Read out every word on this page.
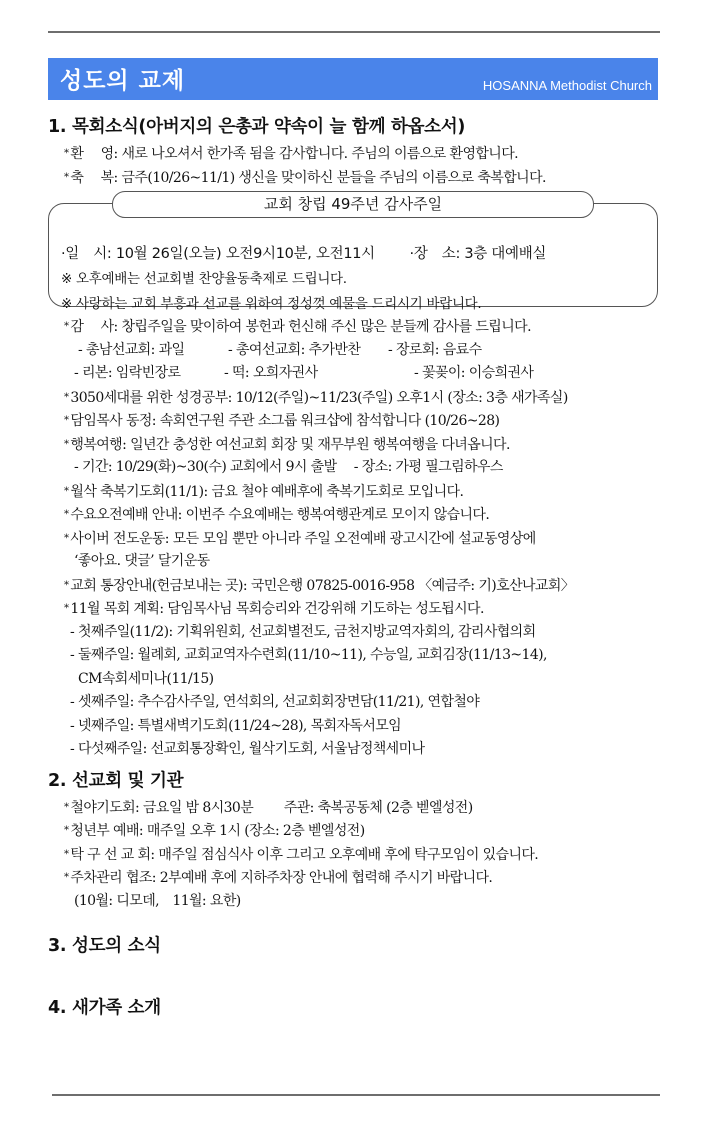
성도의 교제	HOSANNA Methodist Church
1. 목회소식(아버지의 은총과 약속이 늘 함께 하옵소서)
* 환　 영: 새로 나오셔서 한가족 됨을 감사합니다. 주님의 이름으로 환영합니다.
* 축　 복: 금주(10/26~11/1) 생신을 맞이하신 분들을 주님의 이름으로 축복합니다.
·일　시: 10월 26일(오늘) 오전9시10분, 오전11시 ·장　소: 3층 대예배실
※ 오후예배는 선교회별 찬양율동축제로 드립니다.
※ 사랑하는 교회 부흥과 선교를 위하여 정성껏 예물을 드리시기 바랍니다.
교회 창립 49주년 감사주일
* 감　 사: 창립주일을 맞이하여 봉헌과 헌신해 주신 많은 분들께 감사를 드립니다.
- 총남선교회: 과일	- 총여선교회: 추가반찬 - 장로회: 음료수
- 리본: 임락빈장로	- 떡: 오희자권사	- 꽃꽂이: 이승희권사
* 3050세대를 위한 성경공부: 10/12(주일)~11/23(주일) 오후1시 (장소: 3층 새가족실)
* 담임목사 동정: 속회연구원 주관 소그룹 워크샵에 참석합니다 (10/26~28)
* 행복여행: 일년간 충성한 여선교회 회장 및 재무부원 행복여행을 다녀옵니다.
- 기간: 10/29(화)~30(수) 교회에서 9시 출발　 - 장소: 가평 필그림하우스
* 월삭 축복기도회(11/1): 금요 철야 예배후에 축복기도회로 모입니다.
* 수요오전예배 안내: 이번주 수요예배는 행복여행관계로 모이지 않습니다.
* 사이버 전도운동: 모든 모임 뿐만 아니라 주일 오전예배 광고시간에 설교동영상에
‘좋아요. 댓글’ 달기운동
* 교회 통장안내(헌금보내는 곳): 국민은행 07825-0016-958 〈예금주: 기)호산나교회〉
* 11월 목회 계획: 담임목사님 목회승리와 건강위해 기도하는 성도됩시다.
- 첫째주일(11/2): 기획위원회, 선교회별전도, 금천지방교역자회의, 감리사협의회
- 둘째주일: 월례회, 교회교역자수련회(11/10~11), 수능일, 교회김장(11/13~14),
CM속회세미나(11/15)
- 셋째주일: 추수감사주일, 연석회의, 선교회회장면담(11/21), 연합철야
- 넷째주일: 특별새벽기도회(11/24~28), 목회자독서모임
- 다섯째주일: 선교회통장확인, 월삭기도회, 서울남정책세미나
2. 선교회 및 기관
* 철야기도회: 금요일 밤 8시30분　　 주관: 축복공동체 (2층 벧엘성전)
* 청년부 예배: 매주일 오후 1시 (장소: 2층 벧엘성전)
* 탁 구 선 교 회: 매주일 점심식사 이후 그리고 오후예배 후에 탁구모임이 있습니다.
* 주차관리 협조: 2부예배 후에 지하주차장 안내에 협력해 주시기 바랍니다.
(10월: 디모데,　11월: 요한)
3. 성도의 소식
4. 새가족 소개
